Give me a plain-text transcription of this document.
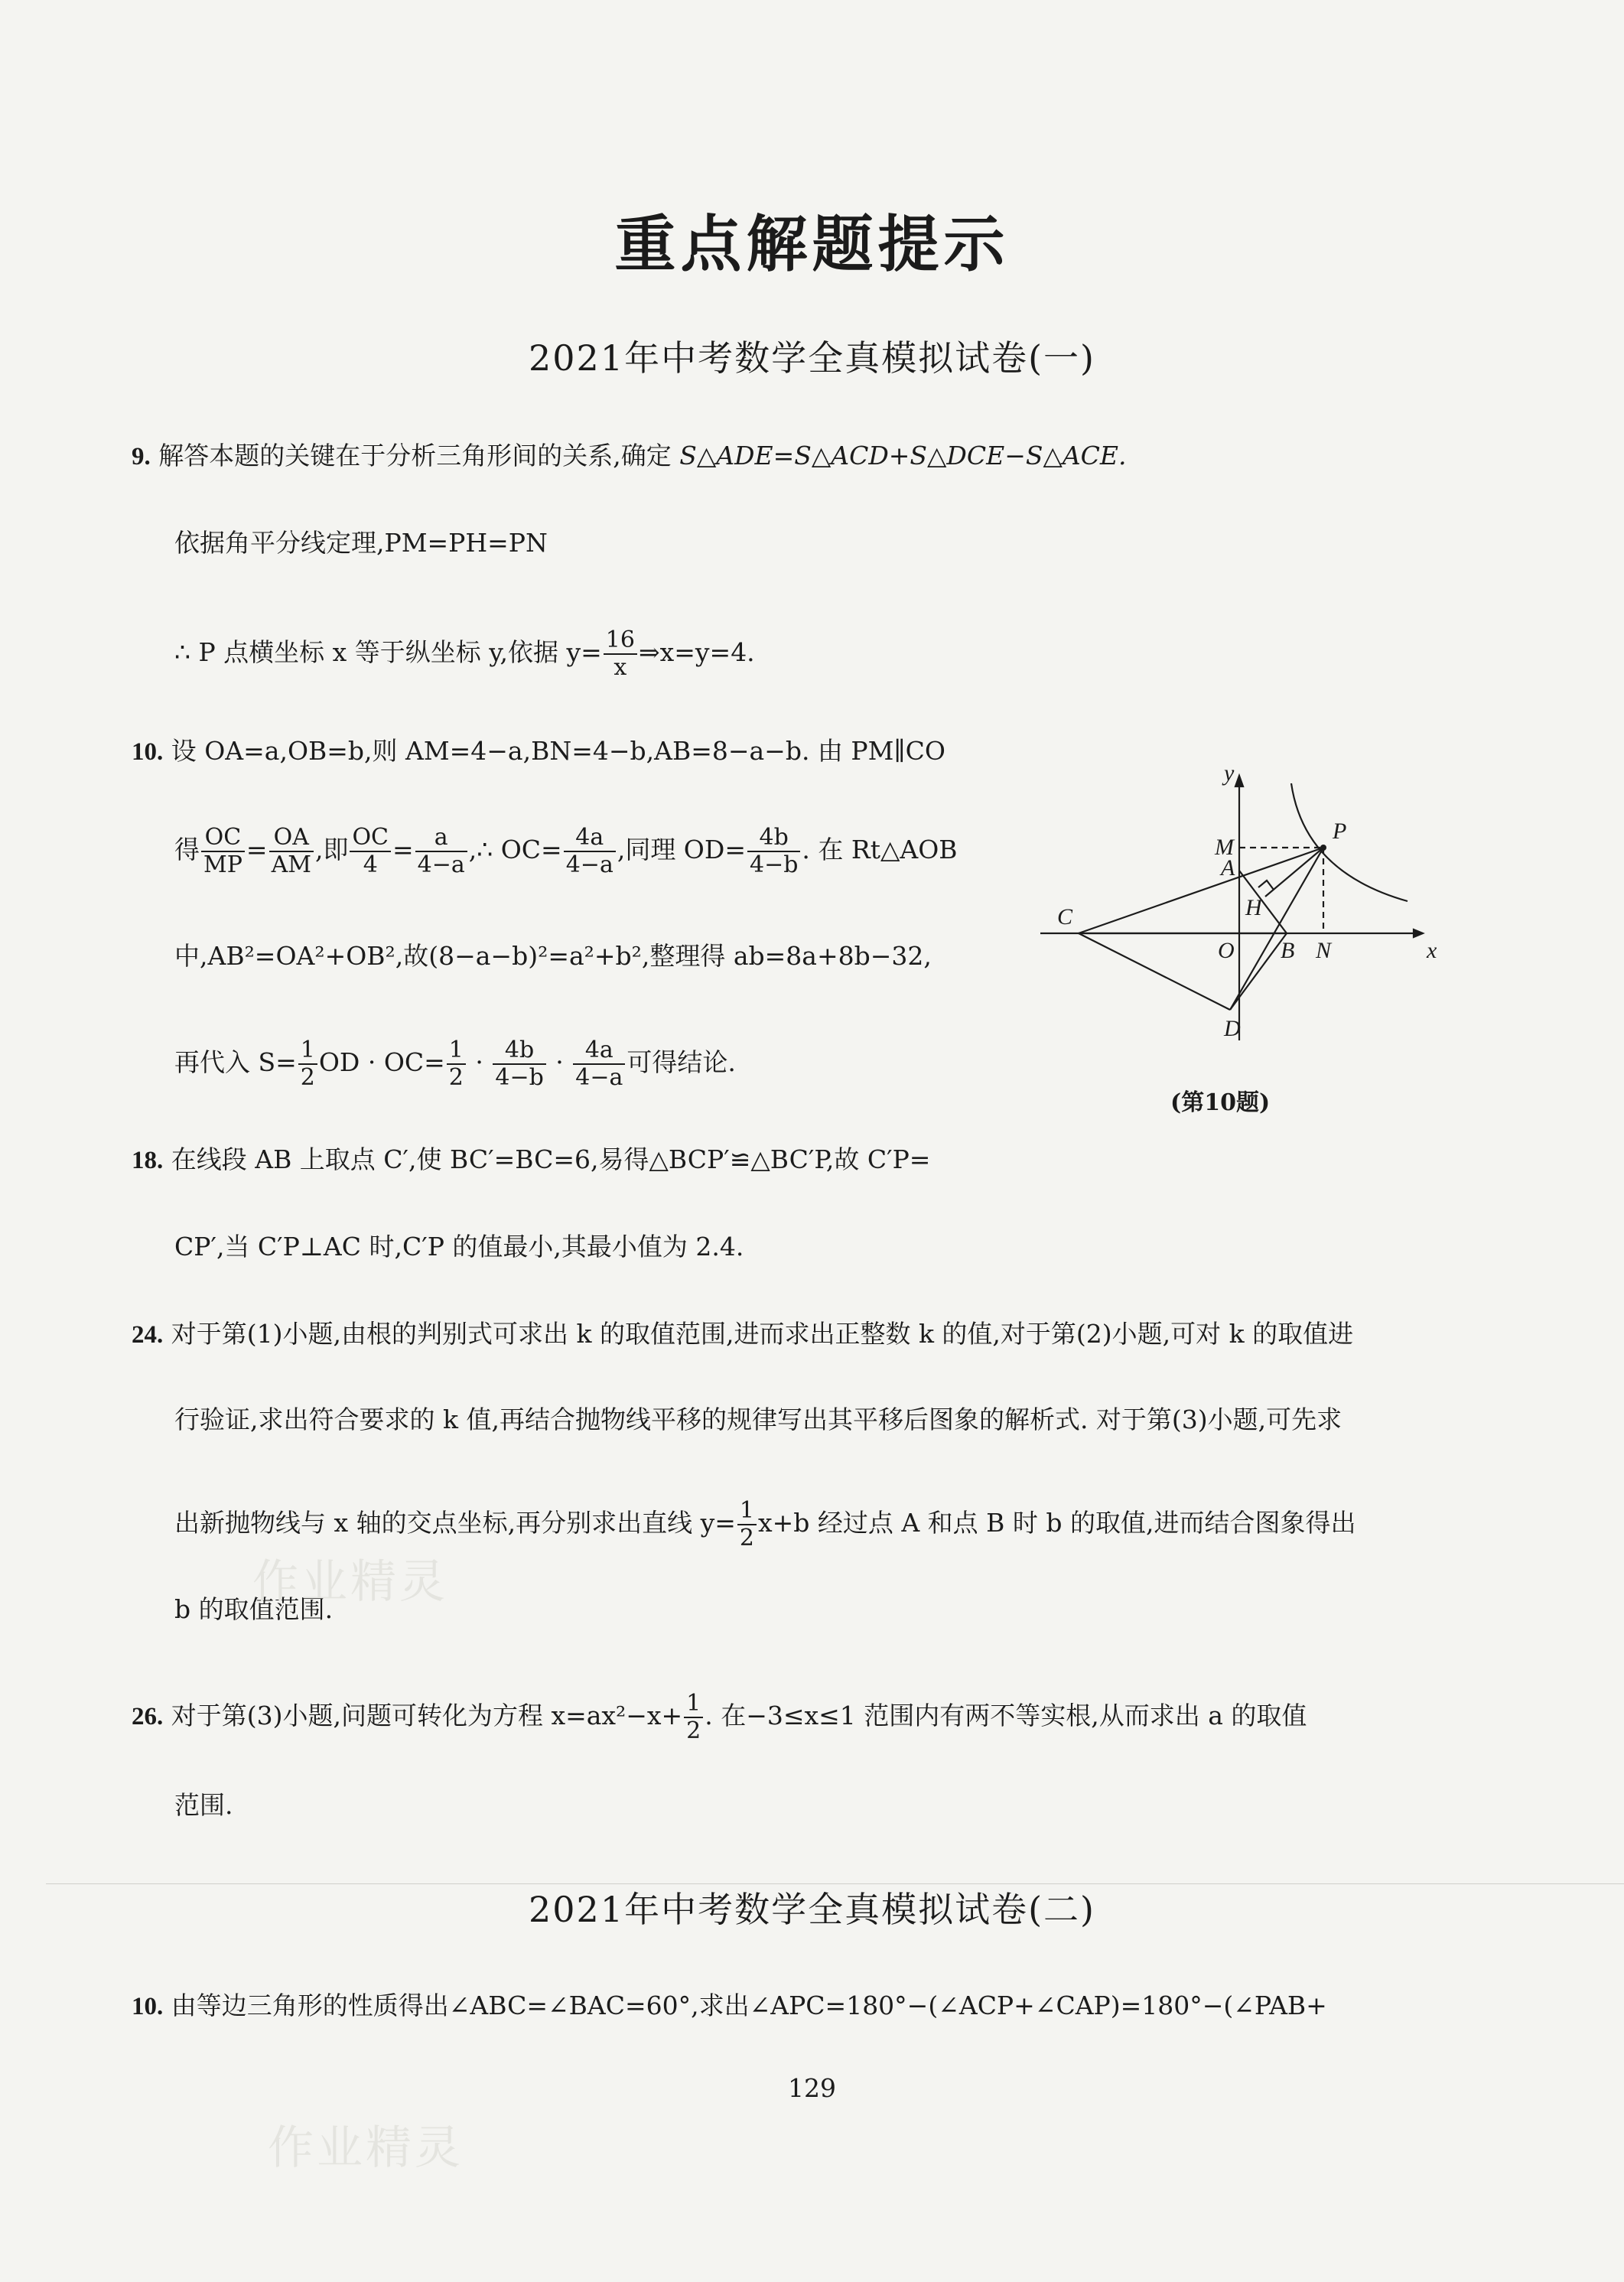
重点解题提示
2021年中考数学全真模拟试卷(一)
9. 解答本题的关键在于分析三角形间的关系,确定 S△ADE=S△ACD+S△DCE−S△ACE.
依据角平分线定理,PM=PH=PN
∴ P 点横坐标 x 等于纵坐标 y,依据 $y= \frac{16}{x}$ ⇒x=y=4.
10. 设 OA=a,OB=b,则 AM=4−a,BN=4−b,AB=8−a−b. 由 PM∥CO
得 $\frac{OC}{MP} = \frac{OA}{AM}$ ,即 $\frac{OC}{4} = \frac{a}{4-a}$ ,∴ $OC= \frac{4a}{4-a}$ ,同理 $OD= \frac{4b}{4-b}$ . 在 Rt△AOB
中,AB²=OA²+OB²,故(8−a−b)²=a²+b²,整理得 ab=8a+8b−32,
再代入 $S= \frac{1}{2}$ OD · $OC= \frac{1}{2} \cdot \frac{4b}{4-b} \cdot \frac{4a}{4-a}$ 可得结论.
y
x
M
P
A
C	H
O B N
D
(第10题)
18. 在线段 AB 上取点 C′,使 BC′=BC=6,易得△BCP′≌△BC′P,故 C′P=
CP′,当 C′P⊥AC 时,C′P 的值最小,其最小值为 2.4.
24. 对于第(1)小题,由根的判别式可求出 k 的取值范围,进而求出正整数 k 的值,对于第(2)小题,可对 k 的取值进
行验证,求出符合要求的 k 值,再结合抛物线平移的规律写出其平移后图象的解析式. 对于第(3)小题,可先求
出新抛物线与 x 轴的交点坐标,再分别求出直线 $y= \frac{1}{2} x+b$ 经过点 A 和点 B 时 b 的取值,进而结合图象得出
b 的取值范围.
26. 对于第(3)小题,问题可转化为方程 $x=ax^2-x+ \frac{1}{2}$ . 在−3≤x≤1 范围内有两不等实根,从而求出 a 的取值
范围.
2021年中考数学全真模拟试卷(二)
10. 由等边三角形的性质得出∠ABC=∠BAC=60°,求出∠APC=180°−(∠ACP+∠CAP)=180°−(∠PAB+
129
作业精灵
作业精灵
